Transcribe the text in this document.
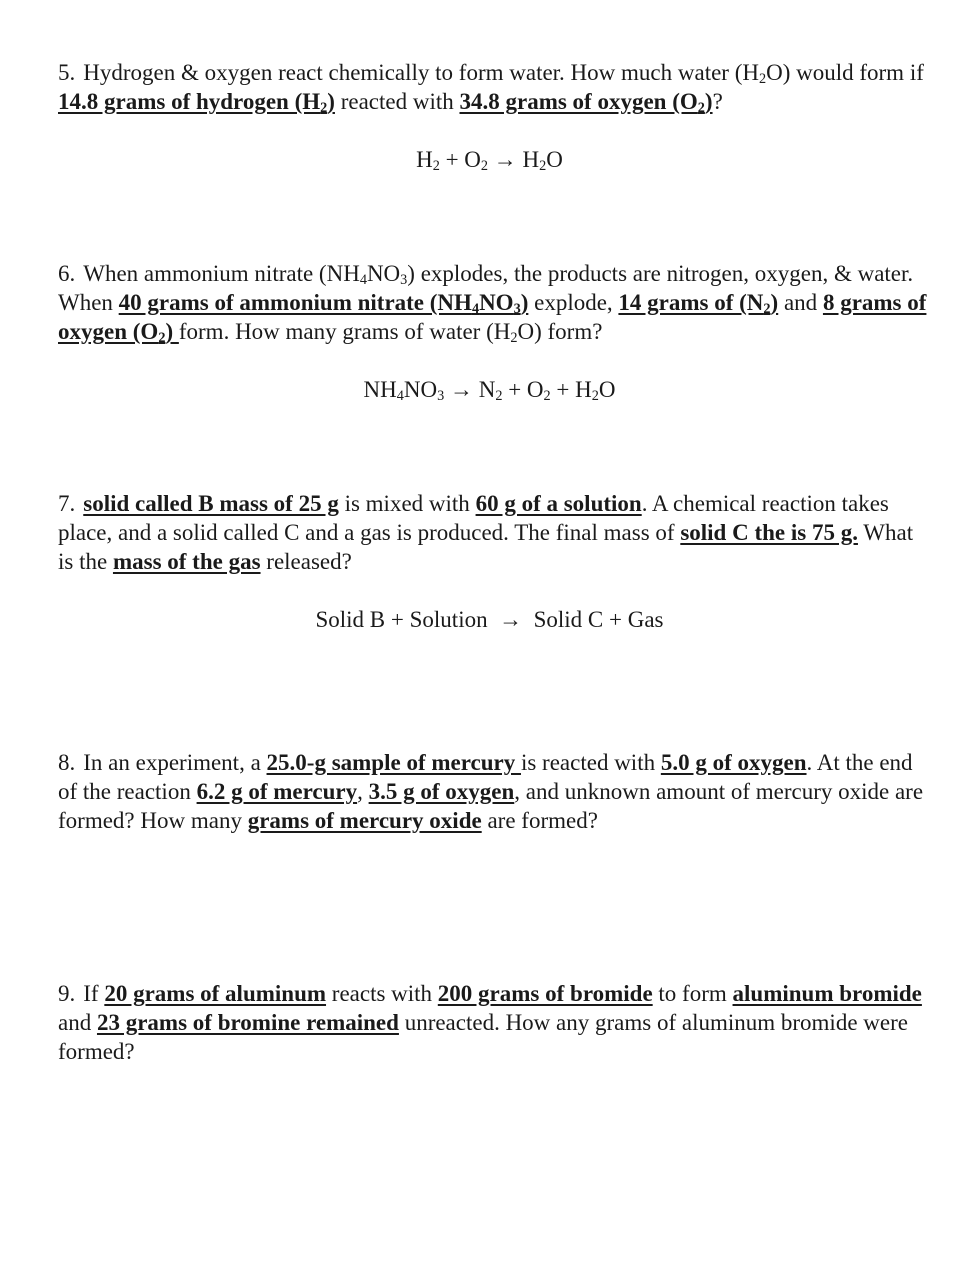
5. Hydrogen & oxygen react chemically to form water. How much water $(H_2O)$ would form if 14.8 grams of hydrogen $(H_2)$ reacted with 34.8 grams of oxygen $(O_2)$?

$H_2 + O_2 \to H_2O$

6. When ammonium nitrate $(NH_4NO_3)$ explodes, the products are nitrogen, oxygen, & water. When 40 grams of ammonium nitrate $(NH_4NO_3)$ explode, 14 grams of $(N_2)$ and 8 grams of oxygen $(O_2)$ form. How many grams of water $(H_2O)$ form?

$NH_4NO_3 \to N_2 + O_2 + H_2O$

7. solid called B mass of 25 g is mixed with 60 g of a solution. A chemical reaction takes place, and a solid called C and a gas is produced. The final mass of solid C the is 75 g. What is the mass of the gas released?

Solid B + Solution → Solid C + Gas

8. In an experiment, a 25.0-g sample of mercury is reacted with 5.0 g of oxygen. At the end of the reaction 6.2 g of mercury, 3.5 g of oxygen, and unknown amount of mercury oxide are formed? How many grams of mercury oxide are formed?

9. If 20 grams of aluminum reacts with 200 grams of bromide to form aluminum bromide and 23 grams of bromine remained unreacted. How any grams of aluminum bromide were formed?
